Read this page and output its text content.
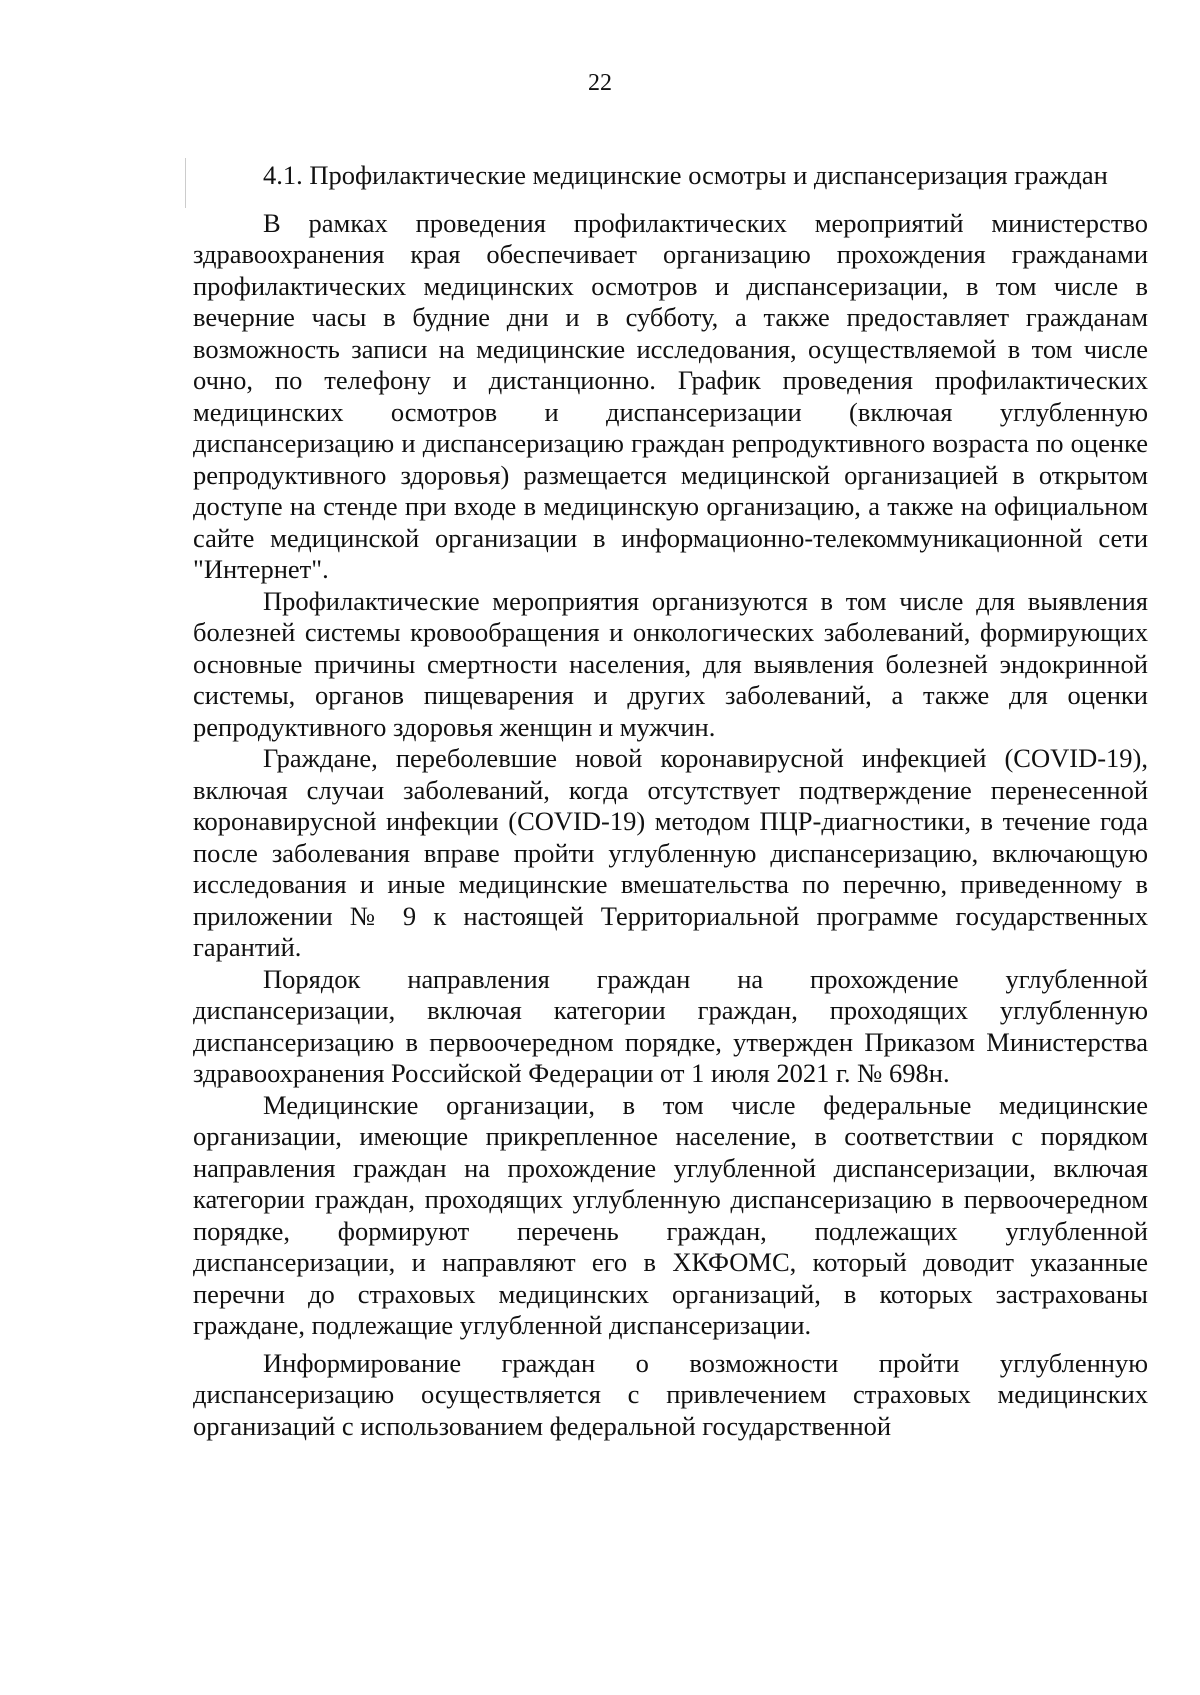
22
4.1. Профилактические медицинские осмотры и диспансеризация граждан

В рамках проведения профилактических мероприятий министерство здравоохранения края обеспечивает организацию прохождения гражданами профилактических медицинских осмотров и диспансеризации, в том числе в вечерние часы в будние дни и в субботу, а также предоставляет гражданам возможность записи на медицинские исследования, осуществляемой в том числе очно, по телефону и дистанционно. График проведения профилактических медицинских осмотров и диспансеризации (включая углубленную диспансеризацию и диспансеризацию граждан репродуктивного возраста по оценке репродуктивного здоровья) размещается медицинской организацией в открытом доступе на стенде при входе в медицинскую организацию, а также на официальном сайте медицинской организации в информационно-телекоммуникационной сети "Интернет".

Профилактические мероприятия организуются в том числе для выявления болезней системы кровообращения и онкологических заболеваний, формирующих основные причины смертности населения, для выявления болезней эндокринной системы, органов пищеварения и других заболеваний, а также для оценки репродуктивного здоровья женщин и мужчин.

Граждане, переболевшие новой коронавирусной инфекцией (COVID-19), включая случаи заболеваний, когда отсутствует подтверждение перенесенной коронавирусной инфекции (COVID-19) методом ПЦР-диагностики, в течение года после заболевания вправе пройти углубленную диспансеризацию, включающую исследования и иные медицинские вмешательства по перечню, приведенному в приложении № 9 к настоящей Территориальной программе государственных гарантий.

Порядок направления граждан на прохождение углубленной диспансеризации, включая категории граждан, проходящих углубленную диспансеризацию в первоочередном порядке, утвержден Приказом Министерства здравоохранения Российской Федерации от 1 июля 2021 г. № 698н.

Медицинские организации, в том числе федеральные медицинские организации, имеющие прикрепленное население, в соответствии с порядком направления граждан на прохождение углубленной диспансеризации, включая категории граждан, проходящих углубленную диспансеризацию в первоочередном порядке, формируют перечень граждан, подлежащих углубленной диспансеризации, и направляют его в ХКФОМС, который доводит указанные перечни до страховых медицинских организаций, в которых застрахованы граждане, подлежащие углубленной диспансеризации.

Информирование граждан о возможности пройти углубленную диспансеризацию осуществляется с привлечением страховых медицинских организаций с использованием федеральной государственной
